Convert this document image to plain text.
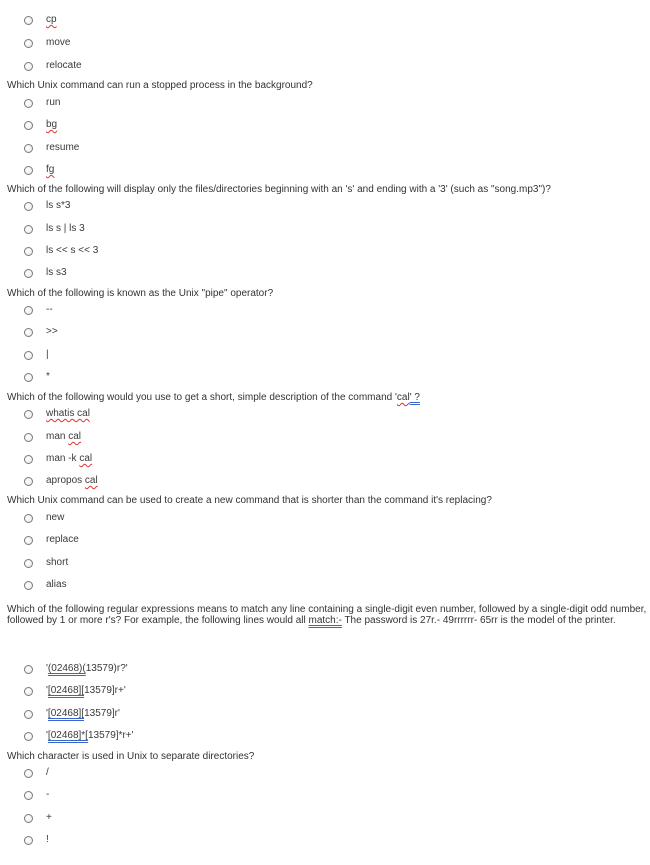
cp
move
relocate
Which Unix command can run a stopped process in the background?
run
bg
resume
fg
Which of the following will display only the files/directories beginning with an 's' and ending with a '3' (such as "song.mp3")?
ls s*3
ls s | ls 3
ls << s << 3
ls s3
Which of the following is known as the Unix "pipe" operator?
--
>>
|
*
Which of the following would you use to get a short, simple description of the command 'cal' ?
whatis cal
man cal
man -k cal
apropos cal
Which Unix command can be used to create a new command that is shorter than the command it's replacing?
new
replace
short
alias
Which of the following regular expressions means to match any line containing a single-digit even number, followed by a single-digit odd number, followed by 1 or more r's? For example, the following lines would all match:- The password is 27r.- 49rrrrrr- 65rr is the model of the printer.
'(02468)(13579)r?'
'[02468][13579]r+'
'[02468][13579]r'
'[02468]*[13579]*r+'
Which character is used in Unix to separate directories?
/
-
+
!
